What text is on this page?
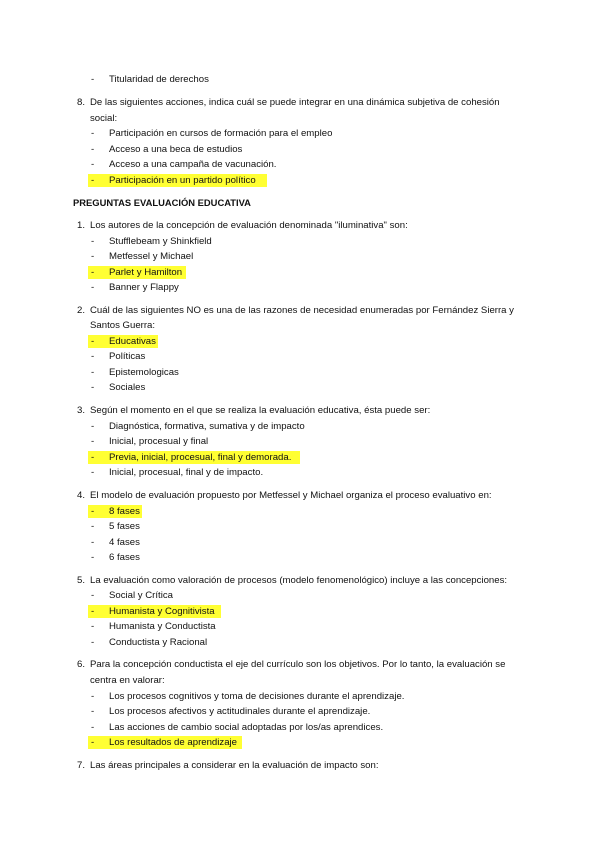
- Titularidad de derechos
8. De las siguientes acciones, indica cuál se puede integrar en una dinámica subjetiva de cohesión
social:
- Participación en cursos de formación para el empleo
- Acceso a una beca de estudios
- Acceso a una campaña de vacunación.
- Participación en un partido político
PREGUNTAS EVALUACIÓN EDUCATIVA
1. Los autores de la concepción de evaluación denominada "iluminativa" son:
- Stufflebeam y Shinkfield
- Metfessel y Michael
- Parlet y Hamilton
- Banner y Flappy
2. Cuál de las siguientes NO es una de las razones de necesidad enumeradas por Fernández Sierra y
Santos Guerra:
- Educativas
- Políticas
- Epistemologicas
- Sociales
3. Según el momento en el que se realiza la evaluación educativa, ésta puede ser:
- Diagnóstica, formativa, sumativa y de impacto
- Inicial, procesual y final
- Previa, inicial, procesual, final y demorada.
- Inicial, procesual, final y de impacto.
4. El modelo de evaluación propuesto por Metfessel y Michael organiza el proceso evaluativo en:
- 8 fases
- 5 fases
- 4 fases
- 6 fases
5. La evaluación como valoración de procesos (modelo fenomenológico) incluye a las concepciones:
- Social y Crítica
- Humanista y Cognitivista
- Humanista y Conductista
- Conductista y Racional
6. Para la concepción conductista el eje del currículo son los objetivos. Por lo tanto, la evaluación se
centra en valorar:
- Los procesos cognitivos y toma de decisiones durante el aprendizaje.
- Los procesos afectivos y actitudinales durante el aprendizaje.
- Las acciones de cambio social adoptadas por los/as aprendices.
- Los resultados de aprendizaje
7. Las áreas principales a considerar en la evaluación de impacto son:
